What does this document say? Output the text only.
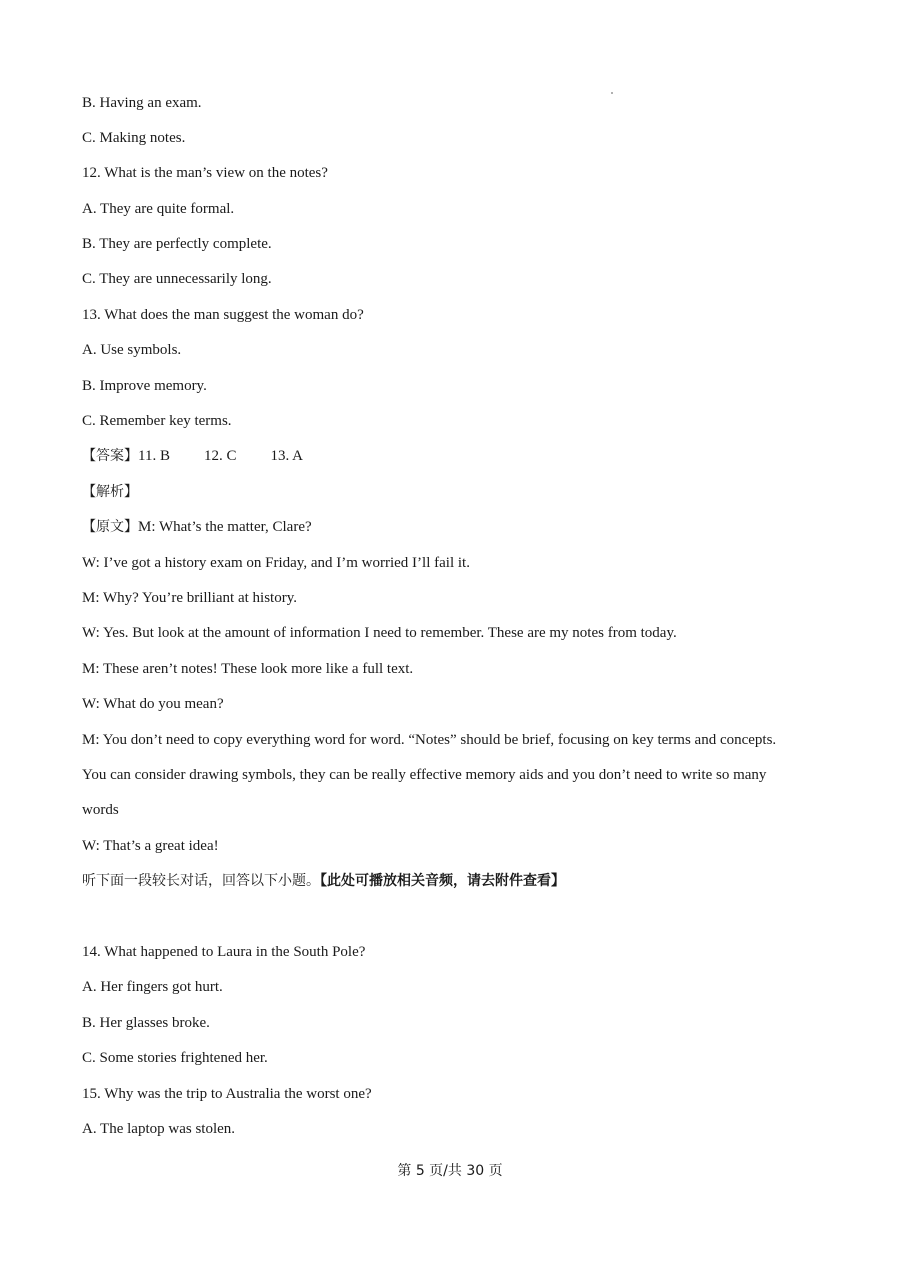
B. Having an exam.
C. Making notes.
12. What is the man’s view on the notes?
A. They are quite formal.
B. They are perfectly complete.
C. They are unnecessarily long.
13. What does the man suggest the woman do?
A. Use symbols.
B. Improve memory.
C. Remember key terms.
【答案】11. B 12. C 13. A
【解析】
【原文】M: What’s the matter, Clare?
W: I’ve got a history exam on Friday, and I’m worried I’ll fail it.
M: Why? You’re brilliant at history.
W: Yes. But look at the amount of information I need to remember. These are my notes from today.
M: These aren’t notes! These look more like a full text.
W: What do you mean?
M: You don’t need to copy everything word for word. “Notes” should be brief, focusing on key terms and concepts.
You can consider drawing symbols, they can be really effective memory aids and you don’t need to write so many
words
W: That’s a great idea!
听下面一段较长对话，回答以下小题。【此处可播放相关音频，请去附件查看】
14. What happened to Laura in the South Pole?
A. Her fingers got hurt.
B. Her glasses broke.
C. Some stories frightened her.
15. Why was the trip to Australia the worst one?
A. The laptop was stolen.
第 5 页/共 30 页
